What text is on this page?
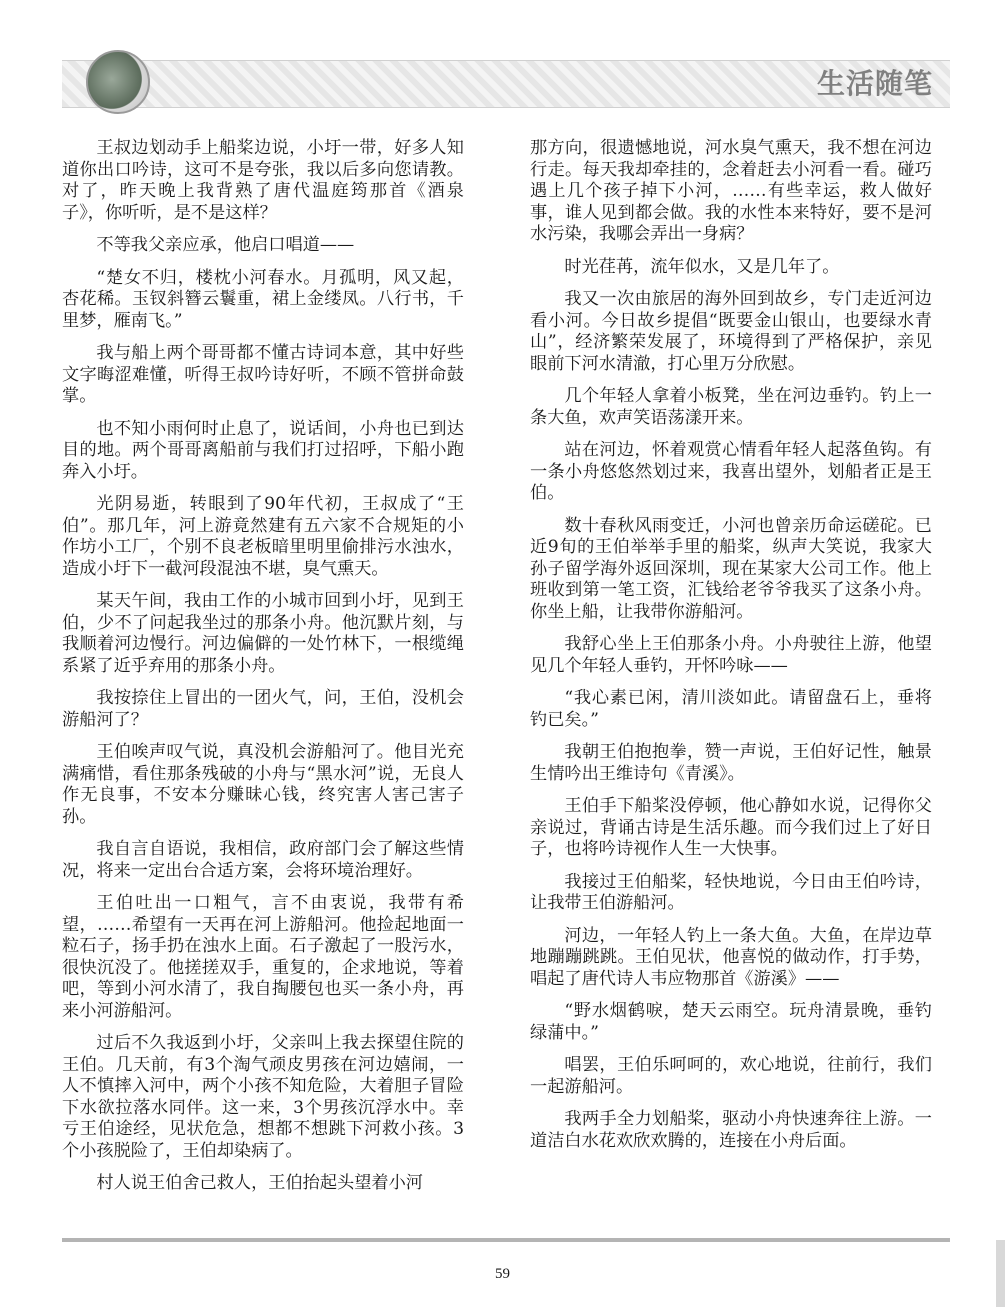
生活随笔

王叔边划动手上船桨边说，小圩一带，好多人知道你出口吟诗，这可不是夸张，我以后多向您请教。对了，昨天晚上我背熟了唐代温庭筠那首《酒泉子》，你听听，是不是这样？

不等我父亲应承，他启口唱道——

“楚女不归，楼枕小河春水。月孤明，风又起，杏花稀。玉钗斜簪云鬟重，裙上金缕凤。八行书，千里梦，雁南飞。”

我与船上两个哥哥都不懂古诗词本意，其中好些文字晦涩难懂，听得王叔吟诗好听，不顾不管拼命鼓掌。

也不知小雨何时止息了，说话间，小舟也已到达目的地。两个哥哥离船前与我们打过招呼，下船小跑奔入小圩。

光阴易逝，转眼到了90年代初，王叔成了“王伯”。那几年，河上游竟然建有五六家不合规矩的小作坊小工厂，个别不良老板暗里明里偷排污水浊水，造成小圩下一截河段混浊不堪，臭气熏天。

某天午间，我由工作的小城市回到小圩，见到王伯，少不了问起我坐过的那条小舟。他沉默片刻，与我顺着河边慢行。河边偏僻的一处竹林下，一根缆绳系紧了近乎弃用的那条小舟。

我按捺住上冒出的一团火气，问，王伯，没机会游船河了？

王伯唉声叹气说，真没机会游船河了。他目光充满痛惜，看住那条残破的小舟与“黑水河”说，无良人作无良事，不安本分赚昧心钱，终究害人害己害子孙。

我自言自语说，我相信，政府部门会了解这些情况，将来一定出台合适方案，会将环境治理好。

王伯吐出一口粗气，言不由衷说，我带有希望，……希望有一天再在河上游船河。他捡起地面一粒石子，扬手扔在浊水上面。石子激起了一股污水，很快沉没了。他搓搓双手，重复的，企求地说，等着吧，等到小河水清了，我自掏腰包也买一条小舟，再来小河游船河。

过后不久我返到小圩，父亲叫上我去探望住院的王伯。几天前，有3个淘气顽皮男孩在河边嬉闹，一人不慎摔入河中，两个小孩不知危险，大着胆子冒险下水欲拉落水同伴。这一来，3个男孩沉浮水中。幸亏王伯途经，见状危急，想都不想跳下河救小孩。3个小孩脱险了，王伯却染病了。

村人说王伯舍己救人，王伯抬起头望着小河

那方向，很遗憾地说，河水臭气熏天，我不想在河边行走。每天我却牵挂的，念着赶去小河看一看。碰巧遇上几个孩子掉下小河，……有些幸运，救人做好事，谁人见到都会做。我的水性本来特好，要不是河水污染，我哪会弄出一身病？

时光荏苒，流年似水，又是几年了。

我又一次由旅居的海外回到故乡，专门走近河边看小河。今日故乡提倡“既要金山银山，也要绿水青山”，经济繁荣发展了，环境得到了严格保护，亲见眼前下河水清澈，打心里万分欣慰。

几个年轻人拿着小板凳，坐在河边垂钓。钓上一条大鱼，欢声笑语荡漾开来。

站在河边，怀着观赏心情看年轻人起落鱼钩。有一条小舟悠悠然划过来，我喜出望外，划船者正是王伯。

数十春秋风雨变迁，小河也曾亲历命运磋砣。已近9旬的王伯举举手里的船桨，纵声大笑说，我家大孙子留学海外返回深圳，现在某家大公司工作。他上班收到第一笔工资，汇钱给老爷爷我买了这条小舟。你坐上船，让我带你游船河。

我舒心坐上王伯那条小舟。小舟驶往上游，他望见几个年轻人垂钓，开怀吟咏——

“我心素已闲，清川淡如此。请留盘石上，垂将钓已矣。”

我朝王伯抱抱拳，赞一声说，王伯好记性，触景生情吟出王维诗句《青溪》。

王伯手下船桨没停顿，他心静如水说，记得你父亲说过，背诵古诗是生活乐趣。而今我们过上了好日子，也将吟诗视作人生一大快事。

我接过王伯船桨，轻快地说，今日由王伯吟诗，让我带王伯游船河。

河边，一年轻人钓上一条大鱼。大鱼，在岸边草地蹦蹦跳跳。王伯见状，他喜悦的做动作，打手势，唱起了唐代诗人韦应物那首《游溪》——

“野水烟鹤唳，楚天云雨空。玩舟清景晚，垂钓绿蒲中。”

唱罢，王伯乐呵呵的，欢心地说，往前行，我们一起游船河。

我两手全力划船桨，驱动小舟快速奔往上游。一道洁白水花欢欣欢腾的，连接在小舟后面。

59
